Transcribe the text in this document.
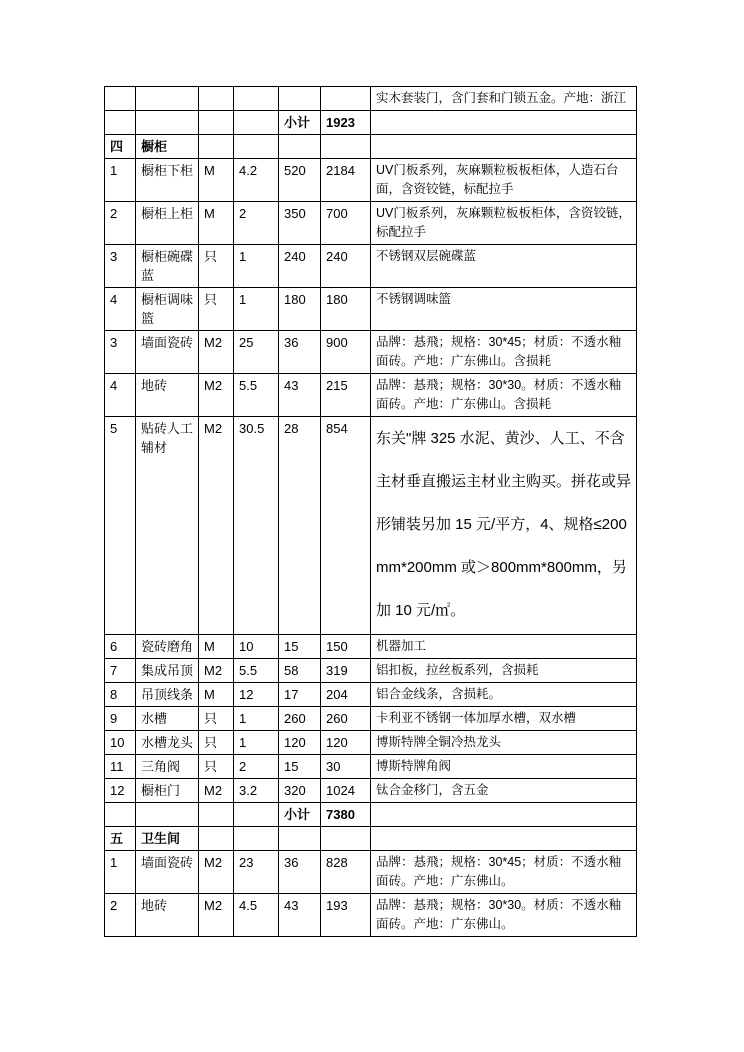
						实木套装门，含门套和门锁五金。产地：浙江
				小计	1923	
四	橱柜					
1	橱柜下柜	M	4.2	520	2184	UV门板系列，灰麻颗粒板板柜体，人造石台面，含资铰链，标配拉手
2	橱柜上柜	M	2	350	700	UV门板系列，灰麻颗粒板板柜体，含资铰链，标配拉手
3	橱柜碗碟蓝	只	1	240	240	不锈钢双层碗碟蓝
4	橱柜调味篮	只	1	180	180	不锈钢调味篮
3	墙面瓷砖	M2	25	36	900	品牌：惎飛；规格：30*45；材质：不透水釉面砖。产地：广东佛山。含损耗
4	地砖	M2	5.5	43	215	品牌：惎飛；规格：30*30。材质：不透水釉面砖。产地：广东佛山。含损耗
5	贴砖人工辅材	M2	30.5	28	854	东关"牌 325 水泥、黄沙、人工、不含主材垂直搬运主材业主购买。拼花或异形铺装另加 15 元/平方，4、规格≤200mm*200mm 或＞800mm*800mm，另加 10 元/㎡。
6	瓷砖磨角	M	10	15	150	机器加工
7	集成吊顶	M2	5.5	58	319	铝扣板，拉丝板系列，含损耗
8	吊顶线条	M	12	17	204	铝合金线条，含损耗。
9	水槽	只	1	260	260	卡利亚不锈钢一体加厚水槽，双水槽
10	水槽龙头	只	1	120	120	博斯特牌全铜冷热龙头
11	三角阀	只	2	15	30	博斯特牌角阀
12	橱柜门	M2	3.2	320	1024	钛合金移门，含五金
				小计	7380	
五	卫生间					
1	墙面瓷砖	M2	23	36	828	品牌：惎飛；规格：30*45；材质：不透水釉面砖。产地：广东佛山。
2	地砖	M2	4.5	43	193	品牌：惎飛；规格：30*30。材质：不透水釉面砖。产地：广东佛山。
